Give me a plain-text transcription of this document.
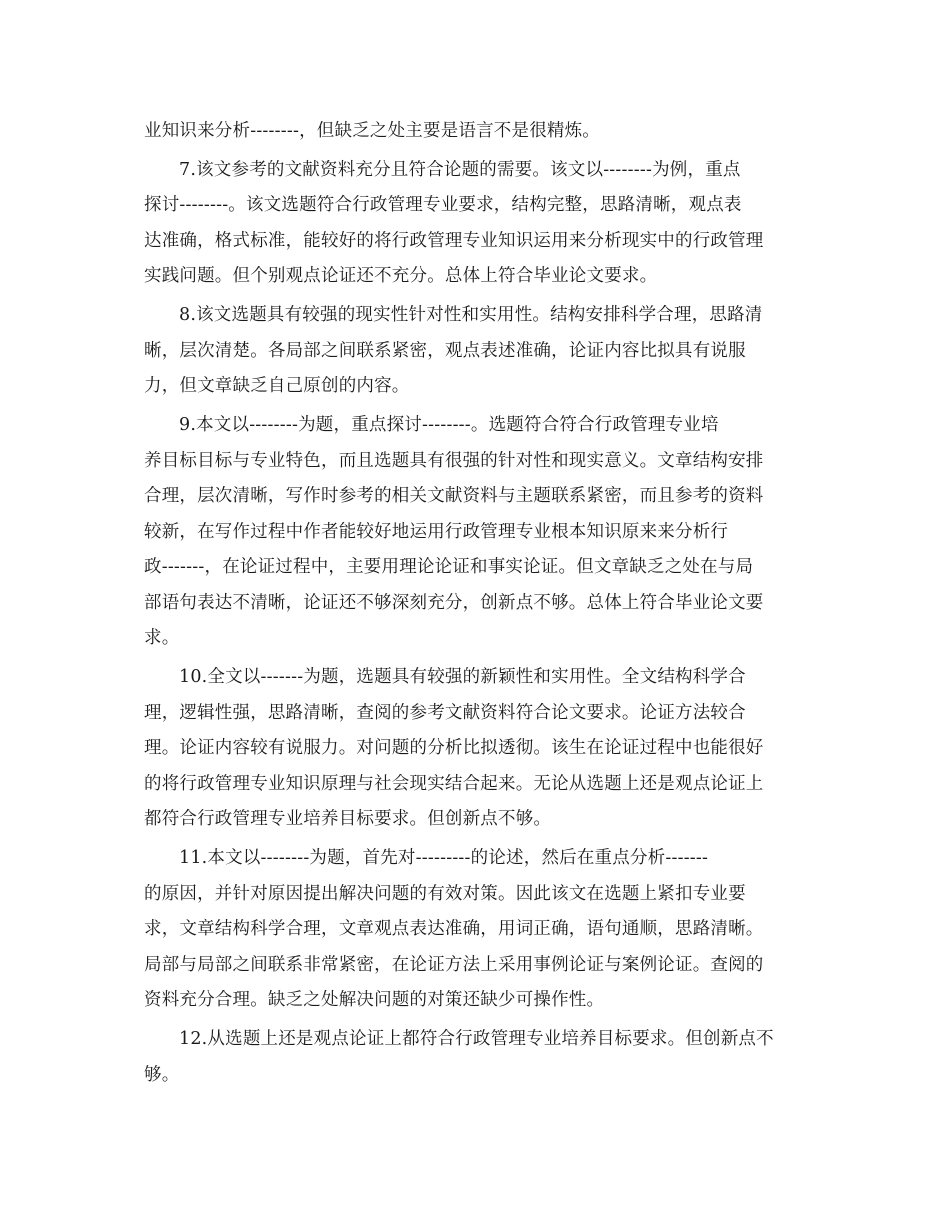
业知识来分析--------，但缺乏之处主要是语言不是很精炼。
7.该文参考的文献资料充分且符合论题的需要。该文以--------为例，重点
探讨--------。该文选题符合行政管理专业要求，结构完整，思路清晰，观点表
达准确，格式标准，能较好的将行政管理专业知识运用来分析现实中的行政管理
实践问题。但个别观点论证还不充分。总体上符合毕业论文要求。
8.该文选题具有较强的现实性针对性和实用性。结构安排科学合理，思路清
晰，层次清楚。各局部之间联系紧密，观点表述准确，论证内容比拟具有说服
力，但文章缺乏自己原创的内容。
9.本文以--------为题，重点探讨--------。选题符合符合行政管理专业培
养目标目标与专业特色，而且选题具有很强的针对性和现实意义。文章结构安排
合理，层次清晰，写作时参考的相关文献资料与主题联系紧密，而且参考的资料
较新，在写作过程中作者能较好地运用行政管理专业根本知识原来来分析行
政-------，在论证过程中，主要用理论论证和事实论证。但文章缺乏之处在与局
部语句表达不清晰，论证还不够深刻充分，创新点不够。总体上符合毕业论文要
求。
10.全文以-------为题，选题具有较强的新颖性和实用性。全文结构科学合
理，逻辑性强，思路清晰，查阅的参考文献资料符合论文要求。论证方法较合
理。论证内容较有说服力。对问题的分析比拟透彻。该生在论证过程中也能很好
的将行政管理专业知识原理与社会现实结合起来。无论从选题上还是观点论证上
都符合行政管理专业培养目标要求。但创新点不够。
11.本文以--------为题，首先对---------的论述，然后在重点分析-------
的原因，并针对原因提出解决问题的有效对策。因此该文在选题上紧扣专业要
求，文章结构科学合理，文章观点表达准确，用词正确，语句通顺，思路清晰。
局部与局部之间联系非常紧密，在论证方法上采用事例论证与案例论证。查阅的
资料充分合理。缺乏之处解决问题的对策还缺少可操作性。
12.从选题上还是观点论证上都符合行政管理专业培养目标要求。但创新点不
够。
